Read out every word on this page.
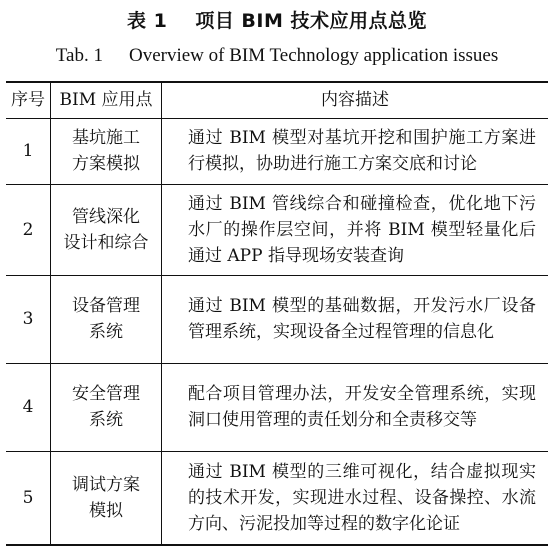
表 1 项目 BIM 技术应用点总览
Tab. 1 Overview of BIM Technology application issues
序号	BIM 应用点	内容描述
1	基坑施工
方案模拟	通过 BIM 模型对基坑开挖和围护施工方案进行模拟，协助进行施工方案交底和讨论
2	管线深化
设计和综合	通过 BIM 管线综合和碰撞检查，优化地下污水厂的操作层空间，并将 BIM 模型轻量化后通过 APP 指导现场安装查询
3	设备管理
系统	通过 BIM 模型的基础数据，开发污水厂设备管理系统，实现设备全过程管理的信息化
4	安全管理
系统	配合项目管理办法，开发安全管理系统，实现洞口使用管理的责任划分和全责移交等
5	调试方案
模拟	通过 BIM 模型的三维可视化，结合虚拟现实的技术开发，实现进水过程、设备操控、水流方向、污泥投加等过程的数字化论证
